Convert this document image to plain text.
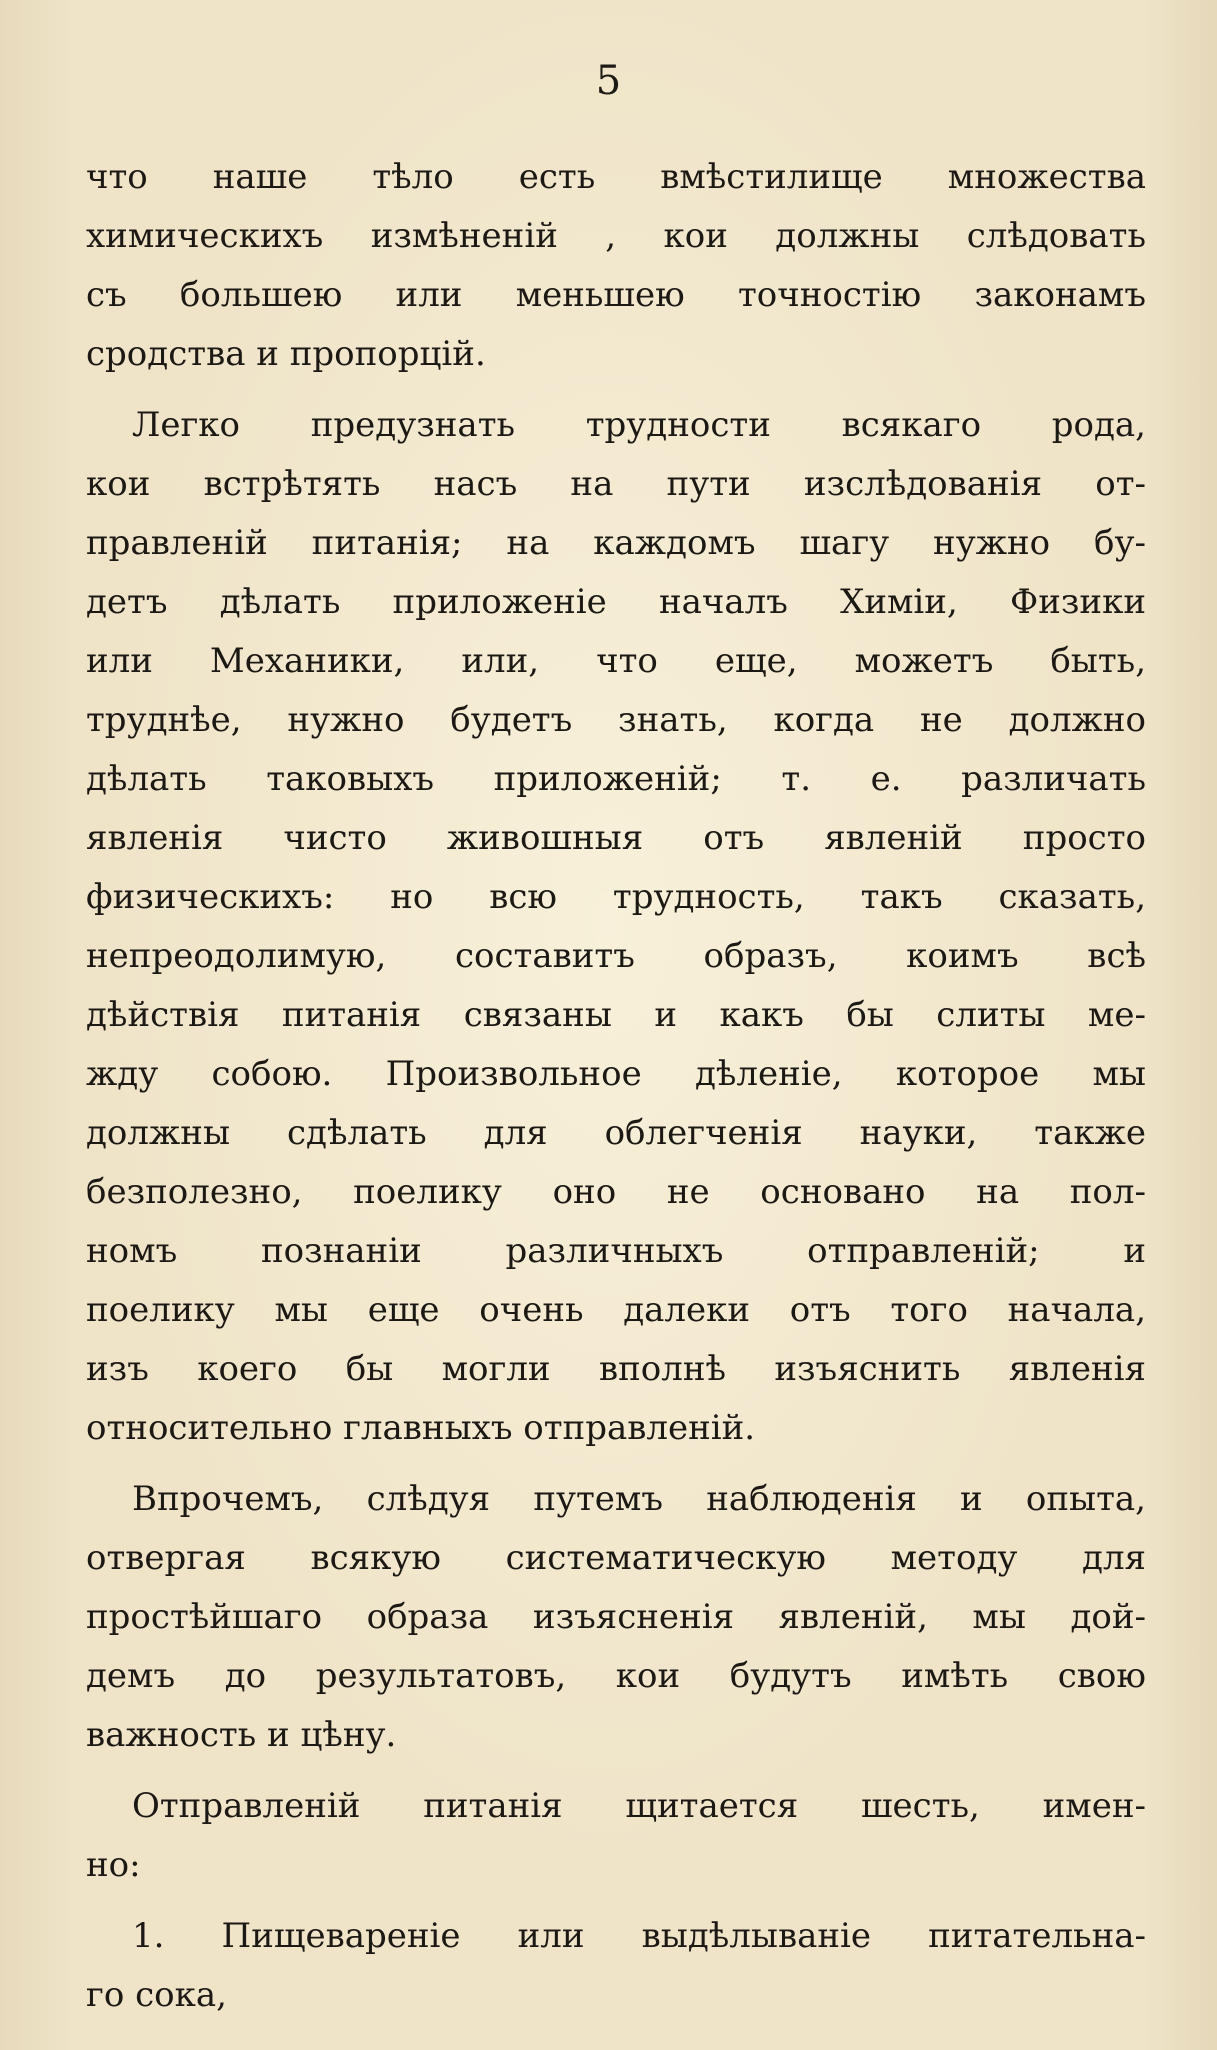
5
что наше тѣло есть вмѣстилище множества
химическихъ измѣненій , кои должны слѣдовать
съ большею или меньшею точностію законамъ
сродства и пропорцій.
Легко предузнать трудности всякаго рода,
кои встрѣтять насъ на пути изслѣдованія от-
правленій питанія; на каждомъ шагу нужно бу-
детъ дѣлать приложеніе началъ Химіи, Физики
или Механики, или, что еще, можетъ быть,
труднѣе, нужно будетъ знать, когда не должно
дѣлать таковыхъ приложеній; т. е. различать
явленія чисто живошныя отъ явленій просто
физическихъ: но всю трудность, такъ сказать,
непреодолимую, составитъ образъ, коимъ всѣ
дѣйствія питанія связаны и какъ бы слиты ме-
жду собою. Произвольное дѣленіе, которое мы
должны сдѣлать для облегченія науки, также
безполезно, поелику оно не основано на пол-
номъ познаніи различныхъ отправленій; и
поелику мы еще очень далеки отъ того начала,
изъ коего бы могли вполнѣ изъяснить явленія
относительно главныхъ отправленій.
Впрочемъ, слѣдуя путемъ наблюденія и опыта,
отвергая всякую систематическую методу для
простѣйшаго образа изъясненія явленій, мы дой-
демъ до результатовъ, кои будутъ имѣть свою
важность и цѣну.
Отправленій питанія щитается шесть, имен-
но:
1. Пищевареніе или выдѣлываніе питательна-
го сока,
